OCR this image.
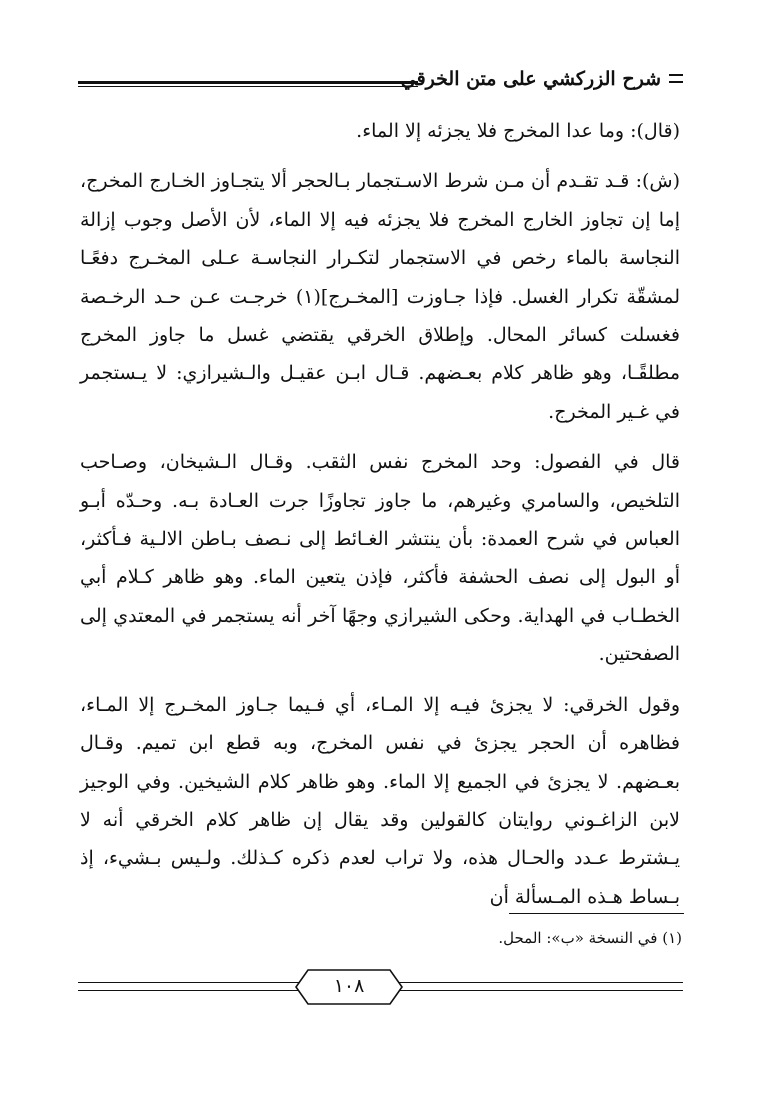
شرح الزركشي على متن الخرقي

(قال): وما عدا المخرج فلا يجزئه إلا الماء.

(ش): قـد تقـدم أن مـن شرط الاسـتجمار بـالحجر ألا يتجـاوز الخـارج المخرج، إما إن تجاوز الخارج المخرج فلا يجزئه فيه إلا الماء، لأن الأصل وجوب إزالة النجاسة بالماء رخص في الاستجمار لتكـرار النجاسـة عـلى المخـرج دفعًـا لمشقّة تكرار الغسل. فإذا جـاوزت [المخـرج](١) خرجـت عـن حـد الرخـصة فغسلت كسائر المحال. وإطلاق الخرقي يقتضي غسل ما جاوز المخرج مطلقًـا، وهو ظاهر كلام بعـضهم. قـال ابـن عقيـل والـشيرازي: لا يـستجمر في غـير المخرج.

قال في الفصول: وحد المخرج نفس الثقب. وقـال الـشيخان، وصـاحب التلخيص، والسامري وغيرهم، ما جاوز تجاوزًا جرت العـادة بـه. وحـدّه أبـو العباس في شرح العمدة: بأن ينتشر الغـائط إلى نـصف بـاطن الالـية فـأكثر، أو البول إلى نصف الحشفة فأكثر، فإذن يتعين الماء. وهو ظاهر كـلام أبي الخطـاب في الهداية. وحكى الشيرازي وجهًا آخر أنه يستجمر في المعتدي إلى الصفحتين.

وقول الخرقي: لا يجزئ فيـه إلا المـاء، أي فـيما جـاوز المخـرج إلا المـاء، فظاهره أن الحجر يجزئ في نفس المخرج، وبه قطع ابن تميم. وقـال بعـضهم. لا يجزئ في الجميع إلا الماء. وهو ظاهر كلام الشيخين. وفي الوجيز لابن الزاغـوني روايتان كالقولين وقد يقال إن ظاهر كلام الخرقي أنه لا يـشترط عـدد والحـال هذه، ولا تراب لعدم ذكره كـذلك. ولـيس بـشيء، إذ بـساط هـذه المـسألة أن

(١) في النسخة «ب»: المحل.
١٠٨
